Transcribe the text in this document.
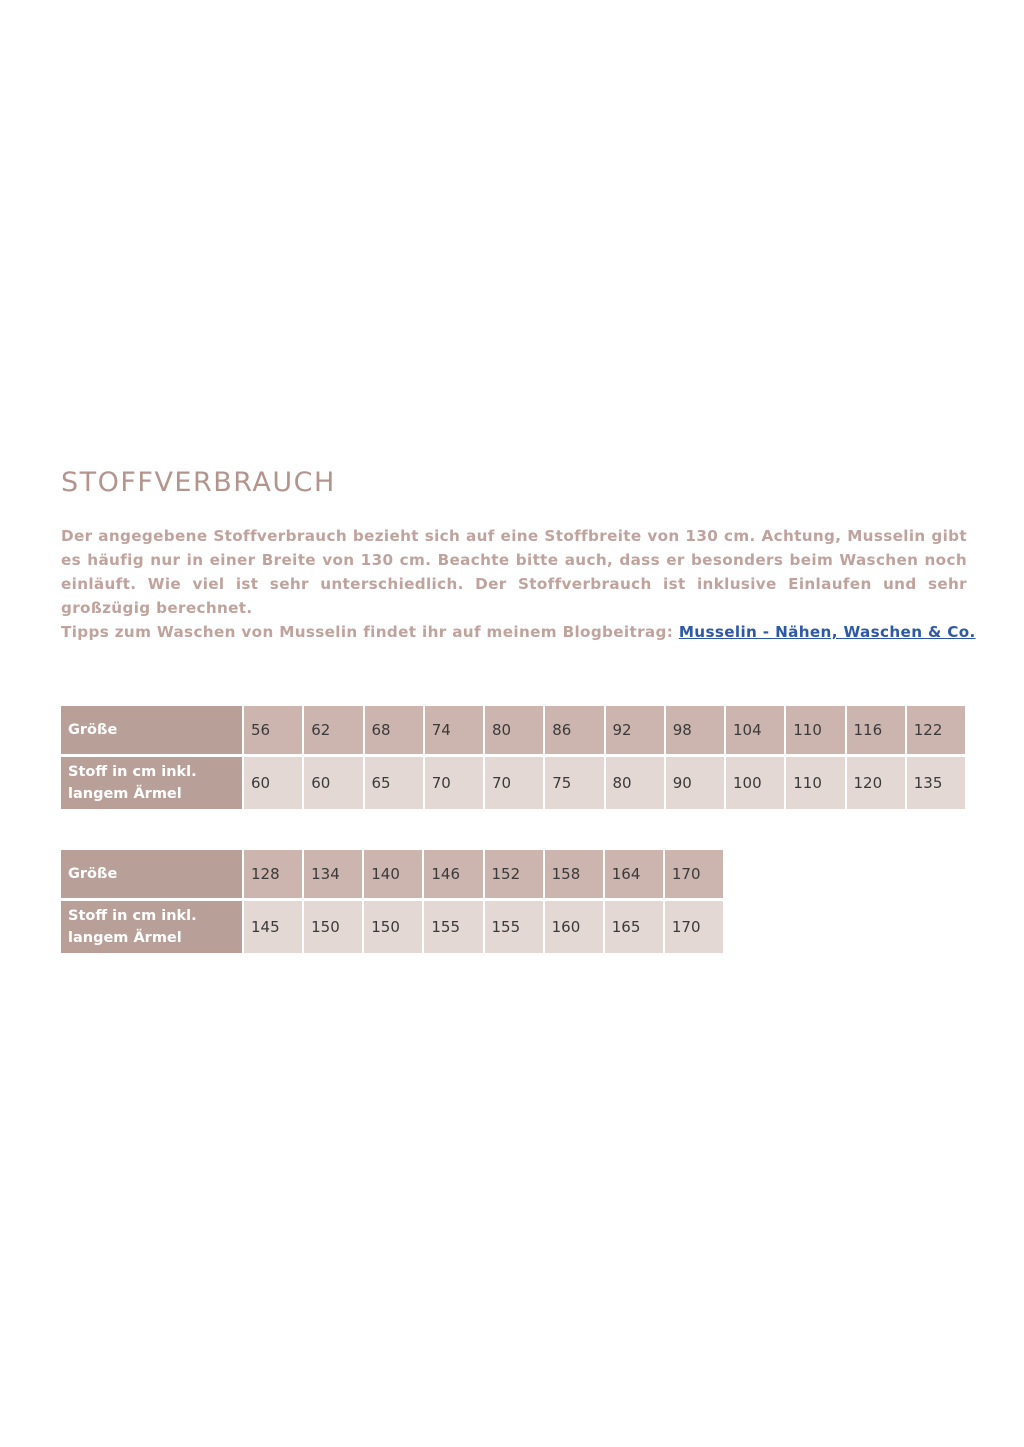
STOFFVERBRAUCH

Der angegebene Stoffverbrauch bezieht sich auf eine Stoffbreite von 130 cm. Achtung, Musselin gibt es häufig nur in einer Breite von 130 cm. Beachte bitte auch, dass er besonders beim Waschen noch einläuft. Wie viel ist sehr unterschiedlich. Der Stoffverbrauch ist inklusive Einlaufen und sehr großzügig berechnet.

Tipps zum Waschen von Musselin findet ihr auf meinem Blogbeitrag: Musselin - Nähen, Waschen & Co.

Größe	56	62	68	74	80	86	92	98	104	110	116	122
Stoff in cm inkl. langem Ärmel	60	60	65	70	70	75	80	90	100	110	120	135
Größe	128	134	140	146	152	158	164	170
Stoff in cm inkl. langem Ärmel	145	150	150	155	155	160	165	170
